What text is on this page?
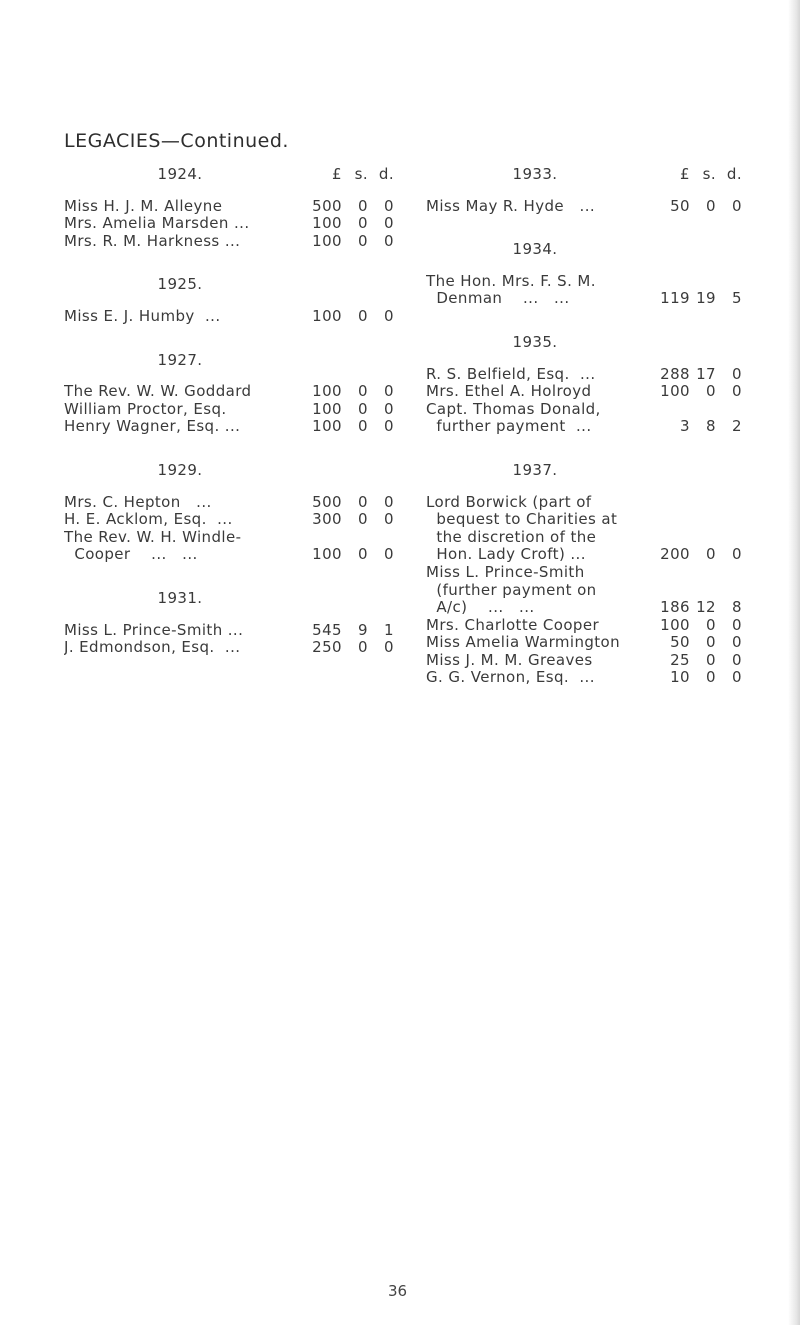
LEGACIES—Continued.
1924.	£ s. d.
Miss H. J. M. Alleyne	500	0	0
Mrs. Amelia Marsden ...	100	0	0
Mrs. R. M. Harkness ...	100	0	0
1925.
Miss E. J. Humby  ...	100	0	0
1927.
The Rev. W. W. Goddard	100	0	0
William Proctor, Esq.	100	0	0
Henry Wagner, Esq. ...	100	0	0
1929.
Mrs. C. Hepton   ...	500	0	0
H. E. Acklom, Esq.  ...	300	0	0
The Rev. W. H. Windle-
Cooper    ...   ...	100	0	0
1931.
Miss L. Prince-Smith ...	545	9	1
J. Edmondson, Esq.  ...	250	0	0
1933.	£ s. d.
Miss May R. Hyde   ...	50	0	0
1934.
The Hon. Mrs. F. S. M.
Denman    ...   ...	119 19	5
1935.
R. S. Belfield, Esq.  ...	288 17	0
Mrs. Ethel A. Holroyd	100	0	0
Capt. Thomas Donald,
further payment  ...	3	8	2
1937.
Lord Borwick (part of
bequest to Charities at
the discretion of the
Hon. Lady Croft) ...	200	0	0
Miss L. Prince-Smith
(further payment on
A/c)    ...   ...	186 12	8
Mrs. Charlotte Cooper	100	0	0
Miss Amelia Warmington	50	0	0
Miss J. M. M. Greaves	25	0	0
G. G. Vernon, Esq.  ...	10	0	0
36
